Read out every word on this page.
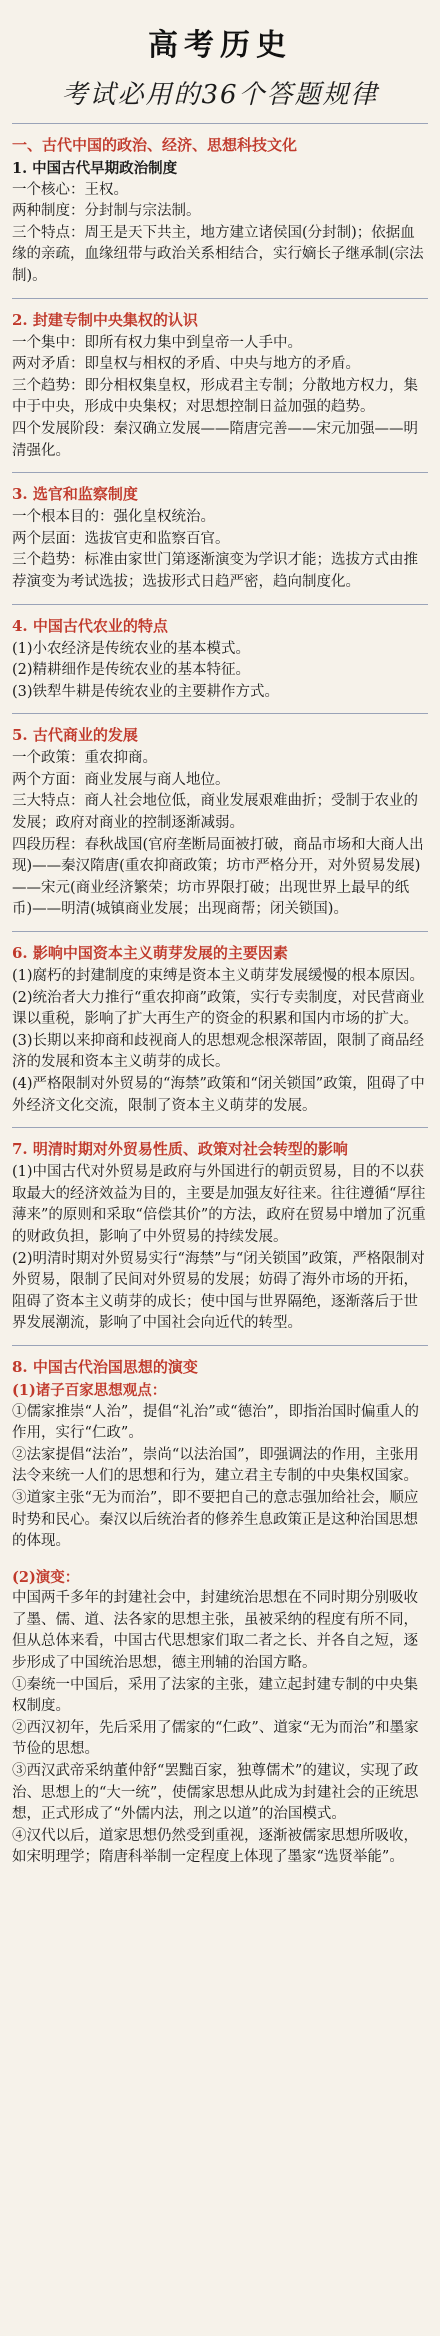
高考历史
考试必用的36个答题规律
一、古代中国的政治、经济、思想科技文化
1. 中国古代早期政治制度
一个核心：王权。
两种制度：分封制与宗法制。
三个特点：周王是天下共主，地方建立诸侯国(分封制)；依据血缘的亲疏，血缘纽带与政治关系相结合，实行嫡长子继承制(宗法制)。
2. 封建专制中央集权的认识
一个集中：即所有权力集中到皇帝一人手中。
两对矛盾：即皇权与相权的矛盾、中央与地方的矛盾。
三个趋势：即分相权集皇权，形成君主专制；分散地方权力，集中于中央，形成中央集权；对思想控制日益加强的趋势。
四个发展阶段：秦汉确立发展——隋唐完善——宋元加强——明清强化。
3. 选官和监察制度
一个根本目的：强化皇权统治。
两个层面：选拔官吏和监察百官。
三个趋势：标准由家世门第逐渐演变为学识才能；选拔方式由推荐演变为考试选拔；选拔形式日趋严密，趋向制度化。
4. 中国古代农业的特点
(1)小农经济是传统农业的基本模式。
(2)精耕细作是传统农业的基本特征。
(3)铁犁牛耕是传统农业的主要耕作方式。
5. 古代商业的发展
一个政策：重农抑商。
两个方面：商业发展与商人地位。
三大特点：商人社会地位低，商业发展艰难曲折；受制于农业的发展；政府对商业的控制逐渐减弱。
四段历程：春秋战国(官府垄断局面被打破，商品市场和大商人出现)——秦汉隋唐(重农抑商政策；坊市严格分开，对外贸易发展)——宋元(商业经济繁荣；坊市界限打破；出现世界上最早的纸币)——明清(城镇商业发展；出现商帮；闭关锁国)。
6. 影响中国资本主义萌芽发展的主要因素
(1)腐朽的封建制度的束缚是资本主义萌芽发展缓慢的根本原因。
(2)统治者大力推行“重农抑商”政策，实行专卖制度，对民营商业课以重税，影响了扩大再生产的资金的积累和国内市场的扩大。
(3)长期以来抑商和歧视商人的思想观念根深蒂固，限制了商品经济的发展和资本主义萌芽的成长。
(4)严格限制对外贸易的“海禁”政策和“闭关锁国”政策，阻碍了中外经济文化交流，限制了资本主义萌芽的发展。
7. 明清时期对外贸易性质、政策对社会转型的影响
(1)中国古代对外贸易是政府与外国进行的朝贡贸易，目的不以获取最大的经济效益为目的，主要是加强友好往来。往往遵循“厚往薄来”的原则和采取“倍偿其价”的方法，政府在贸易中增加了沉重的财政负担，影响了中外贸易的持续发展。
(2)明清时期对外贸易实行“海禁”与“闭关锁国”政策，严格限制对外贸易，限制了民间对外贸易的发展；妨碍了海外市场的开拓，阻碍了资本主义萌芽的成长；使中国与世界隔绝，逐渐落后于世界发展潮流，影响了中国社会向近代的转型。
8. 中国古代治国思想的演变
(1)诸子百家思想观点：
①儒家推崇“人治”，提倡“礼治”或“德治”，即指治国时偏重人的作用，实行“仁政”。
②法家提倡“法治”，崇尚“以法治国”，即强调法的作用，主张用法令来统一人们的思想和行为，建立君主专制的中央集权国家。
③道家主张“无为而治”，即不要把自己的意志强加给社会，顺应时势和民心。秦汉以后统治者的修养生息政策正是这种治国思想的体现。
(2)演变：
中国两千多年的封建社会中，封建统治思想在不同时期分别吸收了墨、儒、道、法各家的思想主张，虽被采纳的程度有所不同，但从总体来看，中国古代思想家们取二者之长、并各自之短，逐步形成了中国统治思想，德主刑辅的治国方略。
①秦统一中国后，采用了法家的主张，建立起封建专制的中央集权制度。
②西汉初年，先后采用了儒家的“仁政”、道家“无为而治”和墨家节俭的思想。
③西汉武帝采纳董仲舒“罢黜百家，独尊儒术”的建议，实现了政治、思想上的“大一统”，使儒家思想从此成为封建社会的正统思想，正式形成了“外儒内法，刑之以道”的治国模式。
④汉代以后，道家思想仍然受到重视，逐渐被儒家思想所吸收，如宋明理学；隋唐科举制一定程度上体现了墨家“选贤举能”。
